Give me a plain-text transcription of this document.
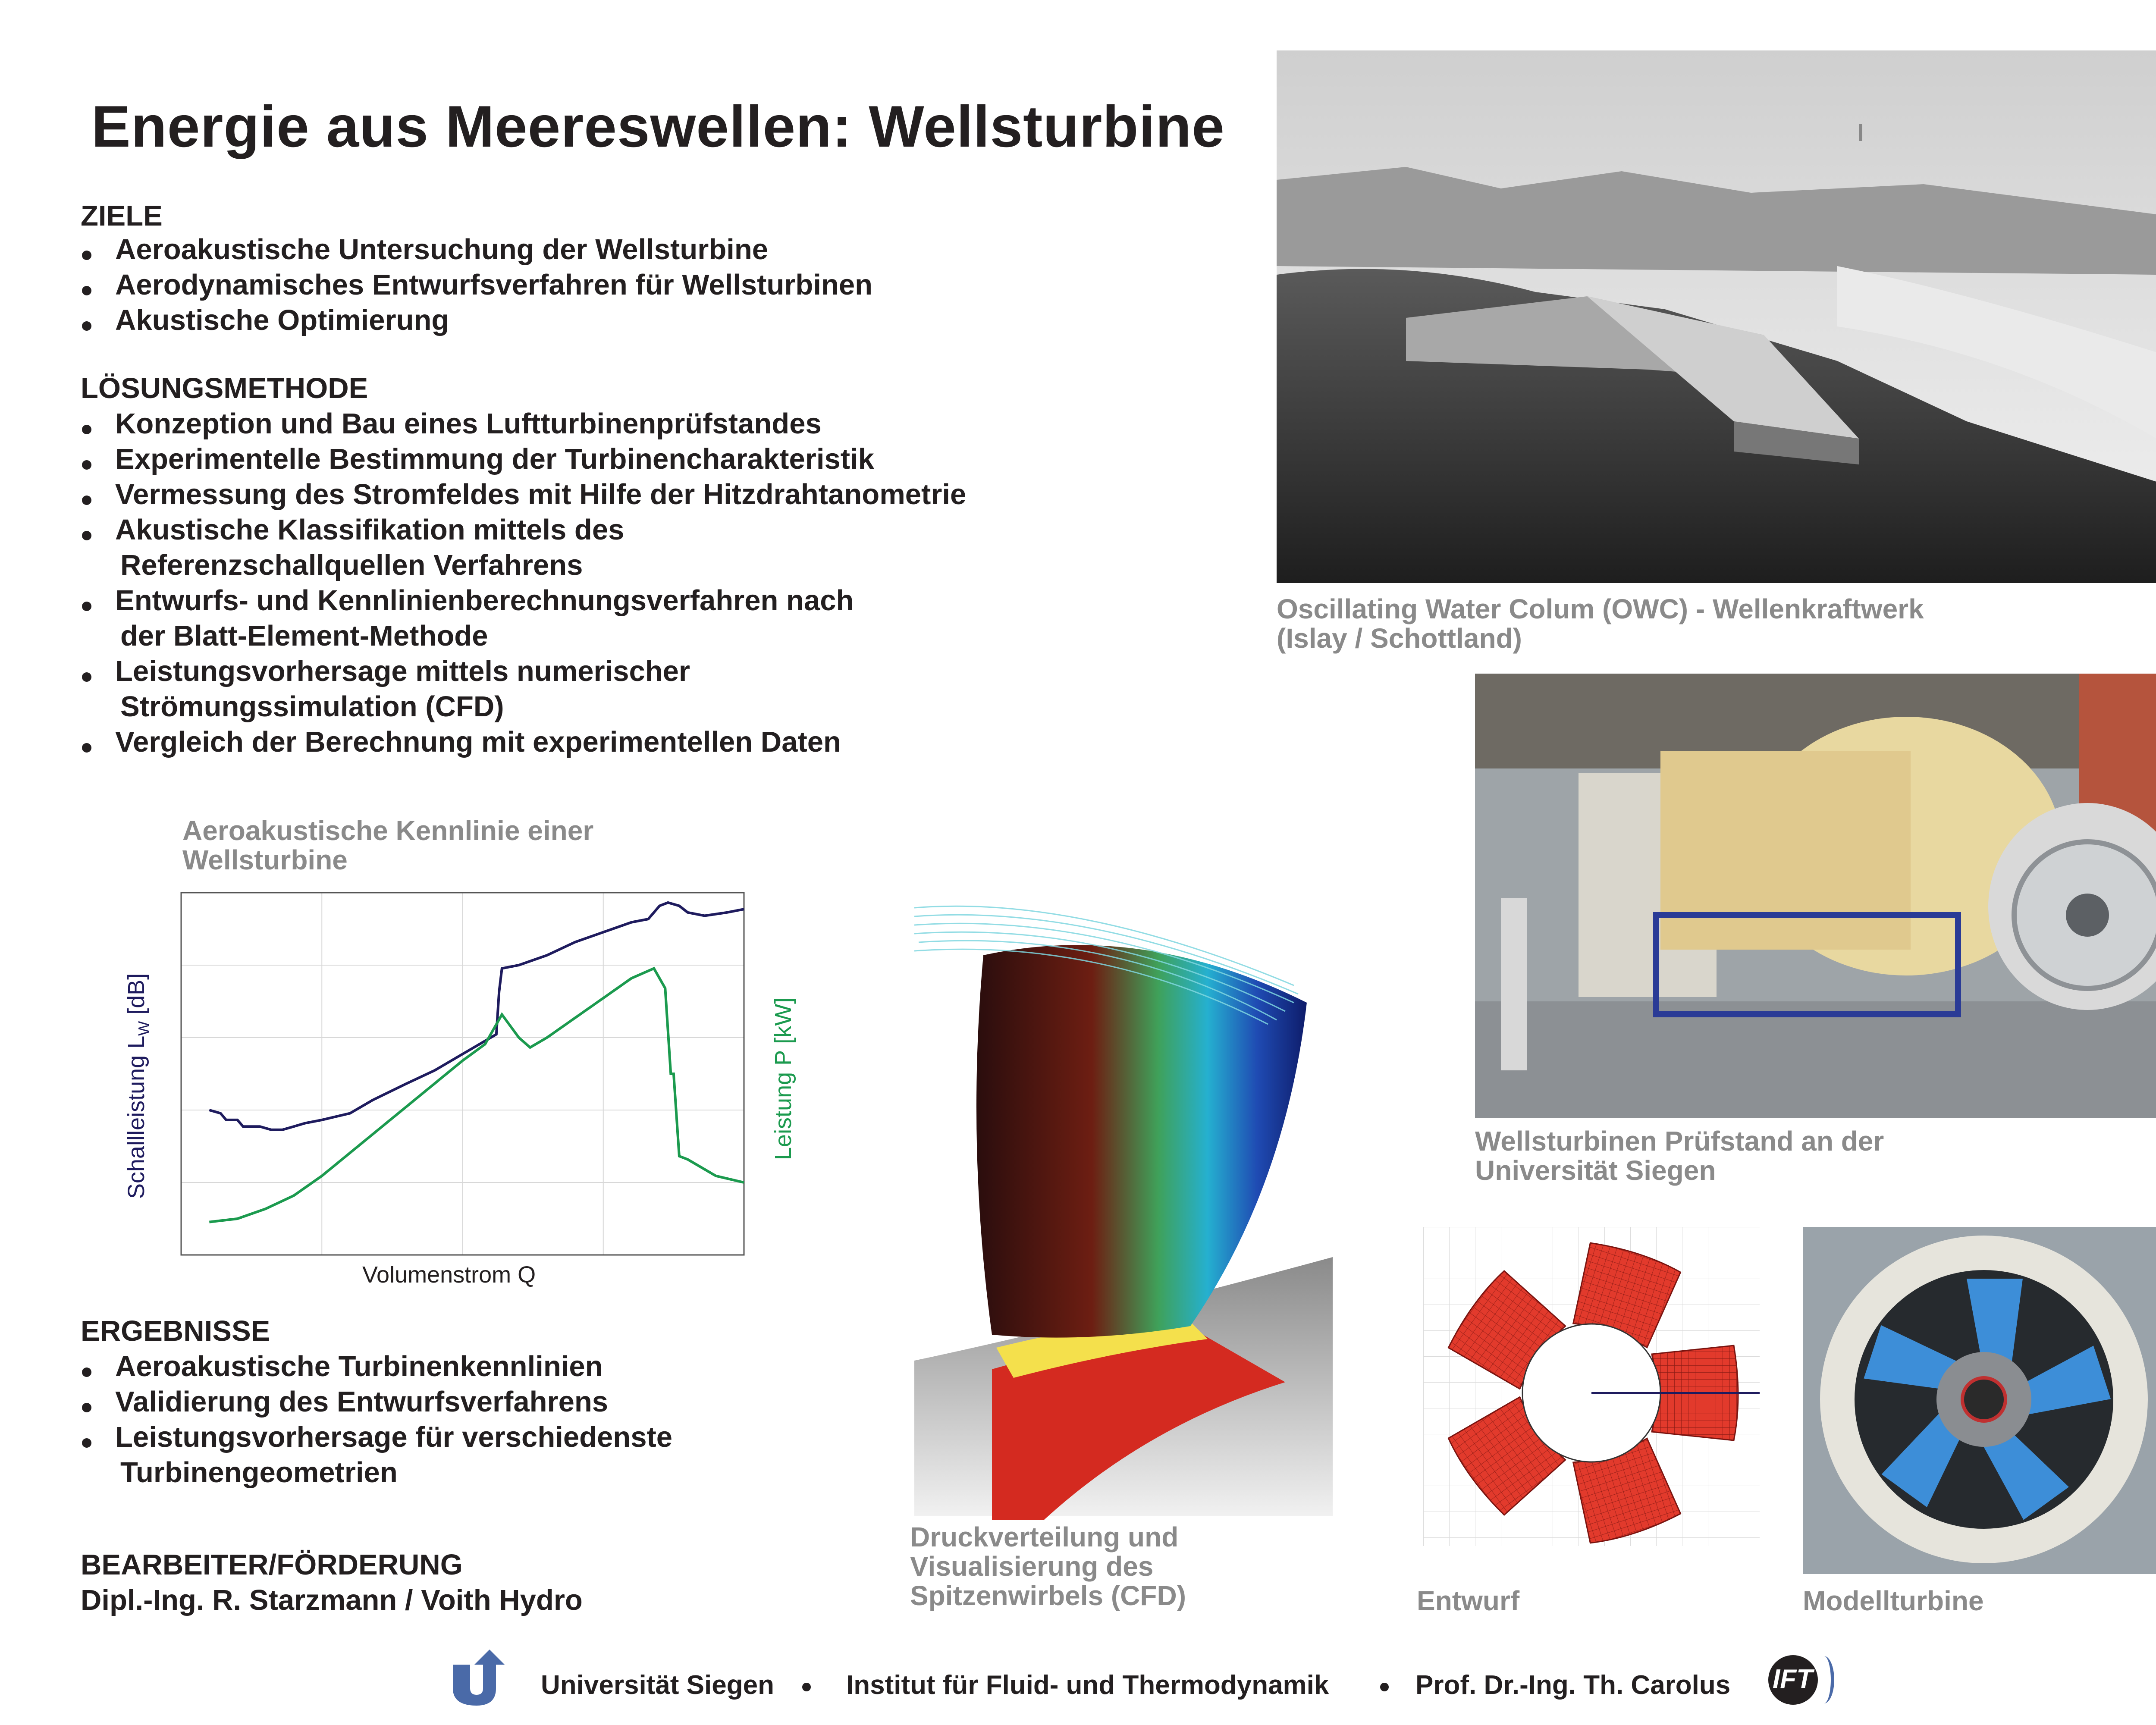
Energie aus Meereswellen: Wellsturbine
ZIELE
Aeroakustische Untersuchung der Wellsturbine
Aerodynamisches Entwurfsverfahren für Wellsturbinen
Akustische Optimierung
LÖSUNGSMETHODE
Konzeption und Bau eines Luftturbinenprüfstandes
Experimentelle Bestimmung der Turbinencharakteristik
Vermessung des Stromfeldes mit Hilfe der Hitzdrahtanometrie
Akustische Klassifikation mittels des
Referenzschallquellen Verfahrens
Entwurfs- und Kennlinienberechnungsverfahren nach
der Blatt-Element-Methode
Leistungsvorhersage mittels numerischer
Strömungssimulation (CFD)
Vergleich der Berechnung mit experimentellen Daten
Aeroakustische Kennlinie einer
Wellsturbine
Schallleistung $L_W$ [dB]
Leistung P [kW]
Volumenstrom Q
ERGEBNISSE
Aeroakustische Turbinenkennlinien
Validierung des Entwurfsverfahrens
Leistungsvorhersage für verschiedenste
Turbinengeometrien
BEARBEITER/FÖRDERUNG
Dipl.-Ing. R. Starzmann / Voith Hydro
Oscillating Water Colum (OWC) - Wellenkraftwerk
(Islay / Schottland)
Wellsturbinen Prüfstand an der
Universität Siegen
Druckverteilung und
Visualisierung des
Spitzenwirbels (CFD)	Entwurf	Modellturbine
Universität Siegen	Institut für Fluid- und Thermodynamik	Prof. Dr.-Ing. Th. Carolus IFT
